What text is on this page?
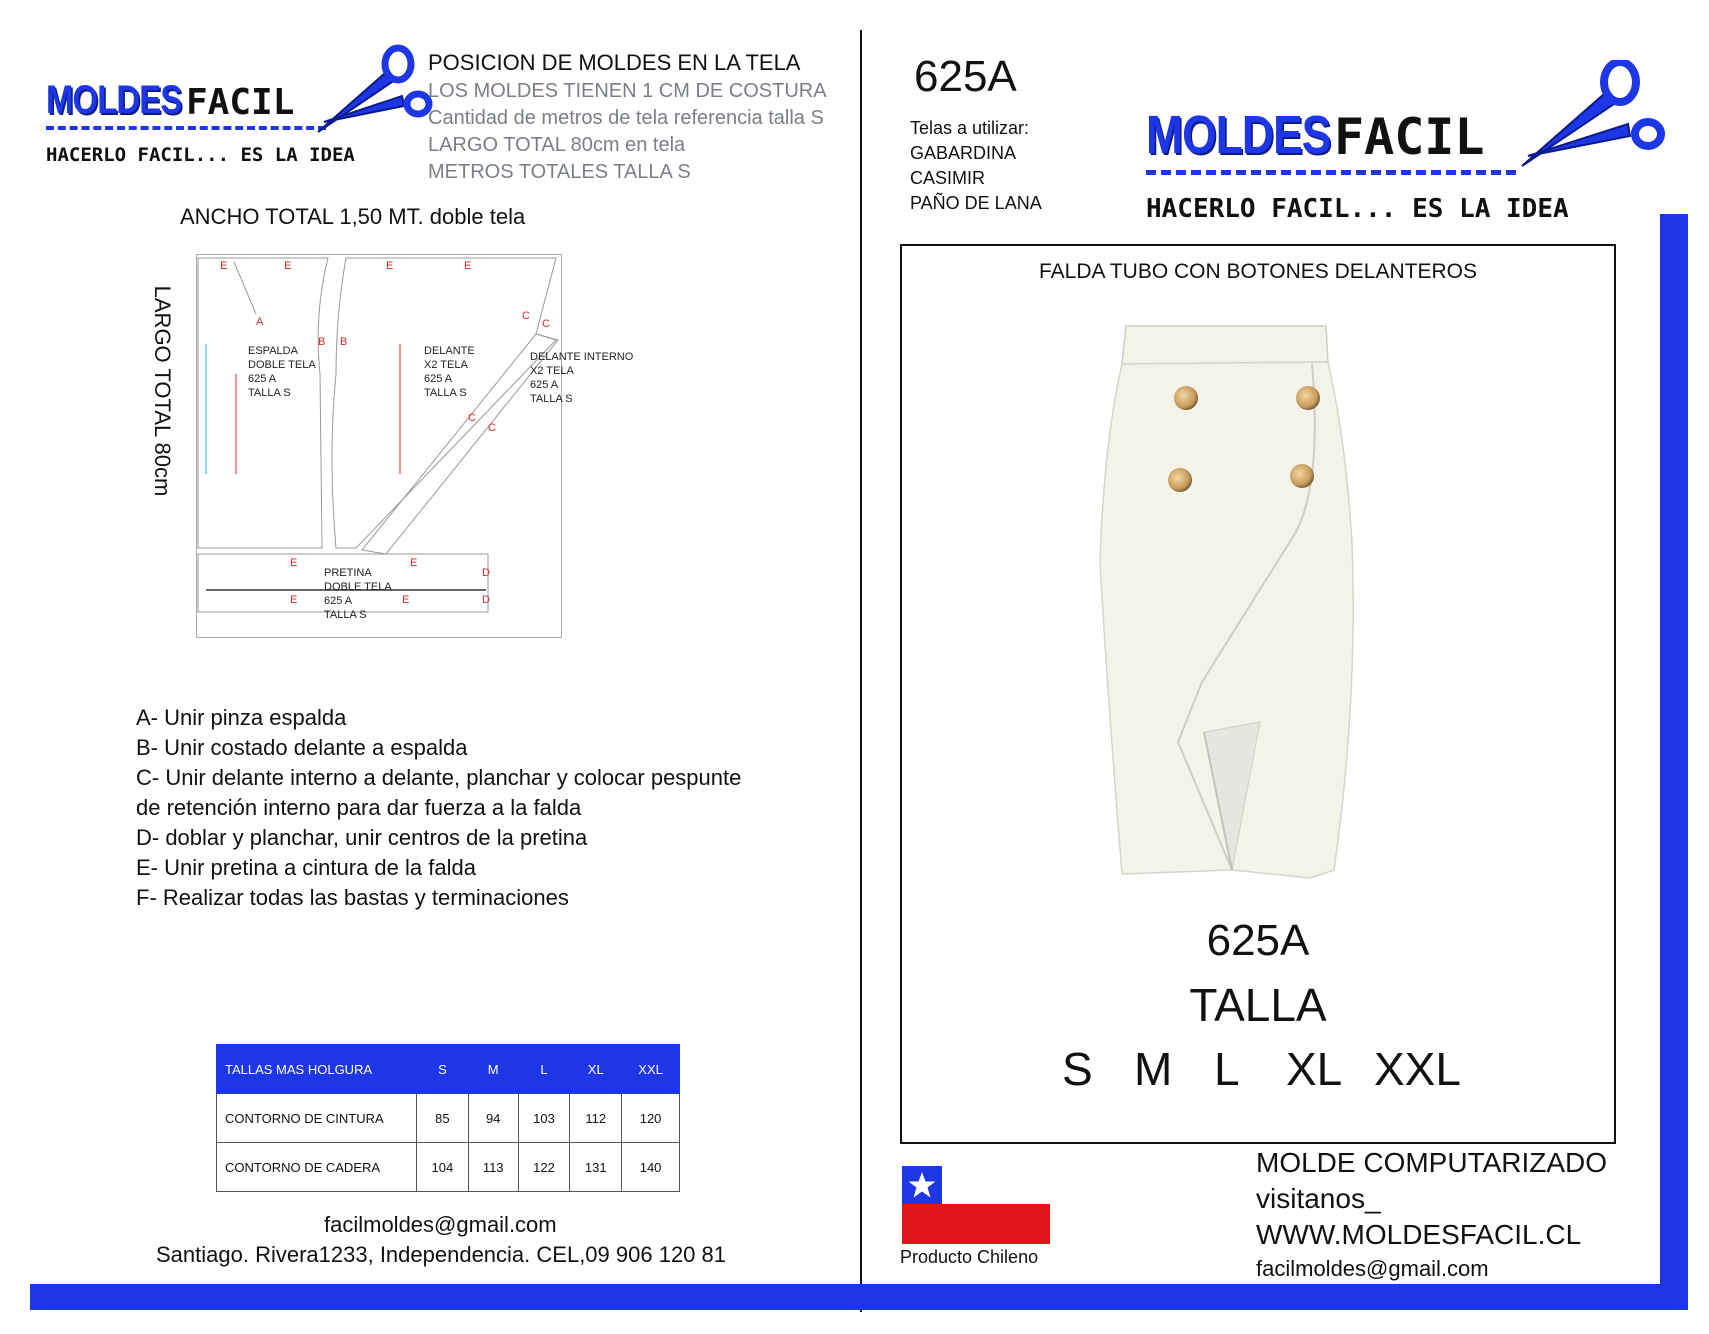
MOLDES FACIL
HACERLO FACIL... ES LA IDEA
POSICION DE MOLDES EN LA TELA
LOS MOLDES TIENEN 1 CM DE COSTURA
Cantidad de metros de tela referencia talla S
LARGO TOTAL 80cm en tela
METROS TOTALES TALLA S
ANCHO TOTAL 1,50 MT. doble tela
LARGO TOTAL 80cm
E	E	E	E
A
B B
C
C
C
C
E	E
D
E	E	D
ESPALDA
DOBLE TELA
625 A
TALLA S
DELANTE
X2 TELA
625 A
TALLA S
DELANTE INTERNO
X2 TELA
625 A
TALLA S
PRETINA
DOBLE TELA
625 A
TALLA S
A- Unir pinza espalda
B- Unir costado delante a espalda
C- Unir delante interno a delante, planchar y colocar pespunte
de retención interno para dar fuerza a la falda
D- doblar y planchar, unir centros de la pretina
E- Unir pretina a cintura de la falda
F- Realizar todas las bastas y terminaciones
TALLAS MAS HOLGURA	S	M	L	XL	XXL
CONTORNO DE CINTURA	85	94	103	112	120
CONTORNO DE CADERA	104	113	122	131	140
facilmoldes@gmail.com
Santiago. Rivera1233, Independencia. CEL,09 906 120 81
625A
Telas a utilizar:
GABARDINA
CASIMIR
PAÑO DE LANA
MOLDES FACIL
HACERLO FACIL... ES LA IDEA
FALDA TUBO CON BOTONES DELANTEROS
625A
TALLA
S M L XL XXL
Producto Chileno
MOLDE COMPUTARIZADO
visitanos_
WWW.MOLDESFACIL.CL
facilmoldes@gmail.com
